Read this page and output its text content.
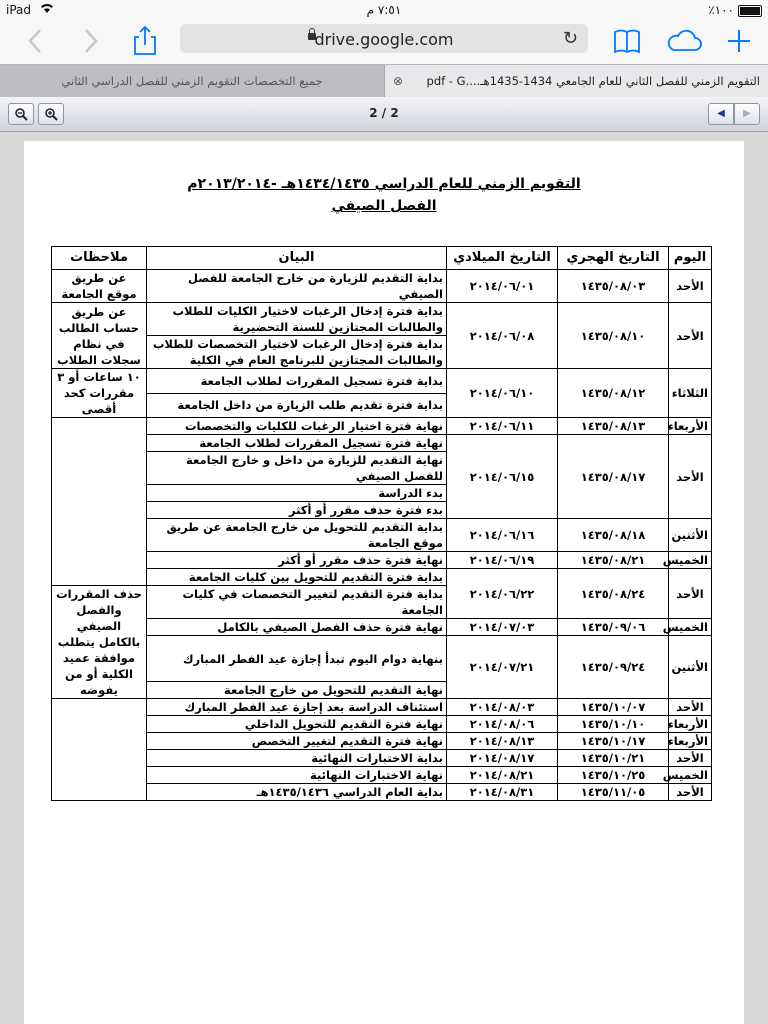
iPad	٧:٥١ م	٪١٠٠
drive.google.com	↻
جميع التخصصات التقويم الزمني للفصل الدراسي الثاني	⊗	التقويم الزمني للفصل الثاني للعام الجامعي 1434-1435هـ....pdf - G
2 / 2	◀	▶
التقويم الزمني للعام الدراسي ١٤٣٤/١٤٣٥هـ -٢٠١٣/٢٠١٤م
الفصل الصيفي
اليوم	التاريخ الهجري	التاريخ الميلادي	البيان	ملاحظات
الأحد	١٤٣٥/٠٨/٠٣	٢٠١٤/٠٦/٠١	بداية التقديم للزيارة من خارج الجامعة للفصل الصيفي	عن طريق موقع الجامعة
الأحد	١٤٣٥/٠٨/١٠	٢٠١٤/٠٦/٠٨	بداية فترة إدخال الرغبات لاختيار الكليات للطلاب والطالبات المجتازين للسنة التحضيرية	عن طريق حساب الطالب في نظام سجلات الطلاب
			بداية فترة إدخال الرغبات لاختيار التخصصات للطلاب والطالبات المجتازين للبرنامج العام في الكلية	
الثلاثاء	١٤٣٥/٠٨/١٢	٢٠١٤/٠٦/١٠	بداية فترة تسجيل المقررات لطلاب الجامعة	١٠ ساعات أو ٣ مقررات كحد أقصى
			بداية فترة تقديم طلب الزيارة من داخل الجامعة	
الأربعاء	١٤٣٥/٠٨/١٣	٢٠١٤/٠٦/١١	نهاية فترة اختيار الرغبات للكليات والتخصصات	
الأحد	١٤٣٥/٠٨/١٧	٢٠١٤/٠٦/١٥	نهاية فترة تسجيل المقررات لطلاب الجامعة	
			نهاية التقديم للزيارة من داخل و خارج الجامعة للفصل الصيفي	
			بدء الدراسة	
			بدء فترة حذف مقرر أو أكثر	
الأثنين	١٤٣٥/٠٨/١٨	٢٠١٤/٠٦/١٦	بداية التقديم للتحويل من خارج الجامعة عن طريق موقع الجامعة	
الخميس	١٤٣٥/٠٨/٢١	٢٠١٤/٠٦/١٩	نهاية فترة حذف مقرر أو أكثر	
الأحد	١٤٣٥/٠٨/٢٤	٢٠١٤/٠٦/٢٢	بداية فترة التقديم للتحويل بين كليات الجامعة	
			بداية فترة التقديم لتغيير التخصصات في كليات الجامعة	حذف المقررات والفصل الصيفي بالكامل يتطلب موافقة عميد الكلية أو من يفوضه
الخميس	١٤٣٥/٠٩/٠٦	٢٠١٤/٠٧/٠٣	نهاية فترة حذف الفصل الصيفي بالكامل	
الأثنين	١٤٣٥/٠٩/٢٤	٢٠١٤/٠٧/٢١	بنهاية دوام اليوم تبدأ إجازة عيد الفطر المبارك	
			نهاية التقديم للتحويل من خارج الجامعة	
الأحد	١٤٣٥/١٠/٠٧	٢٠١٤/٠٨/٠٣	استئناف الدراسة بعد إجازة عيد الفطر المبارك	
الأربعاء	١٤٣٥/١٠/١٠	٢٠١٤/٠٨/٠٦	نهاية فترة التقديم للتحويل الداخلي	
الأربعاء	١٤٣٥/١٠/١٧	٢٠١٤/٠٨/١٣	نهاية فترة التقديم لتغيير التخصص	
الأحد	١٤٣٥/١٠/٢١	٢٠١٤/٠٨/١٧	بداية الاختبارات النهائية	
الخميس	١٤٣٥/١٠/٢٥	٢٠١٤/٠٨/٢١	نهاية الاختبارات النهائية	
الأحد	١٤٣٥/١١/٠٥	٢٠١٤/٠٨/٣١	بداية العام الدراسي ١٤٣٥/١٤٣٦هـ	
